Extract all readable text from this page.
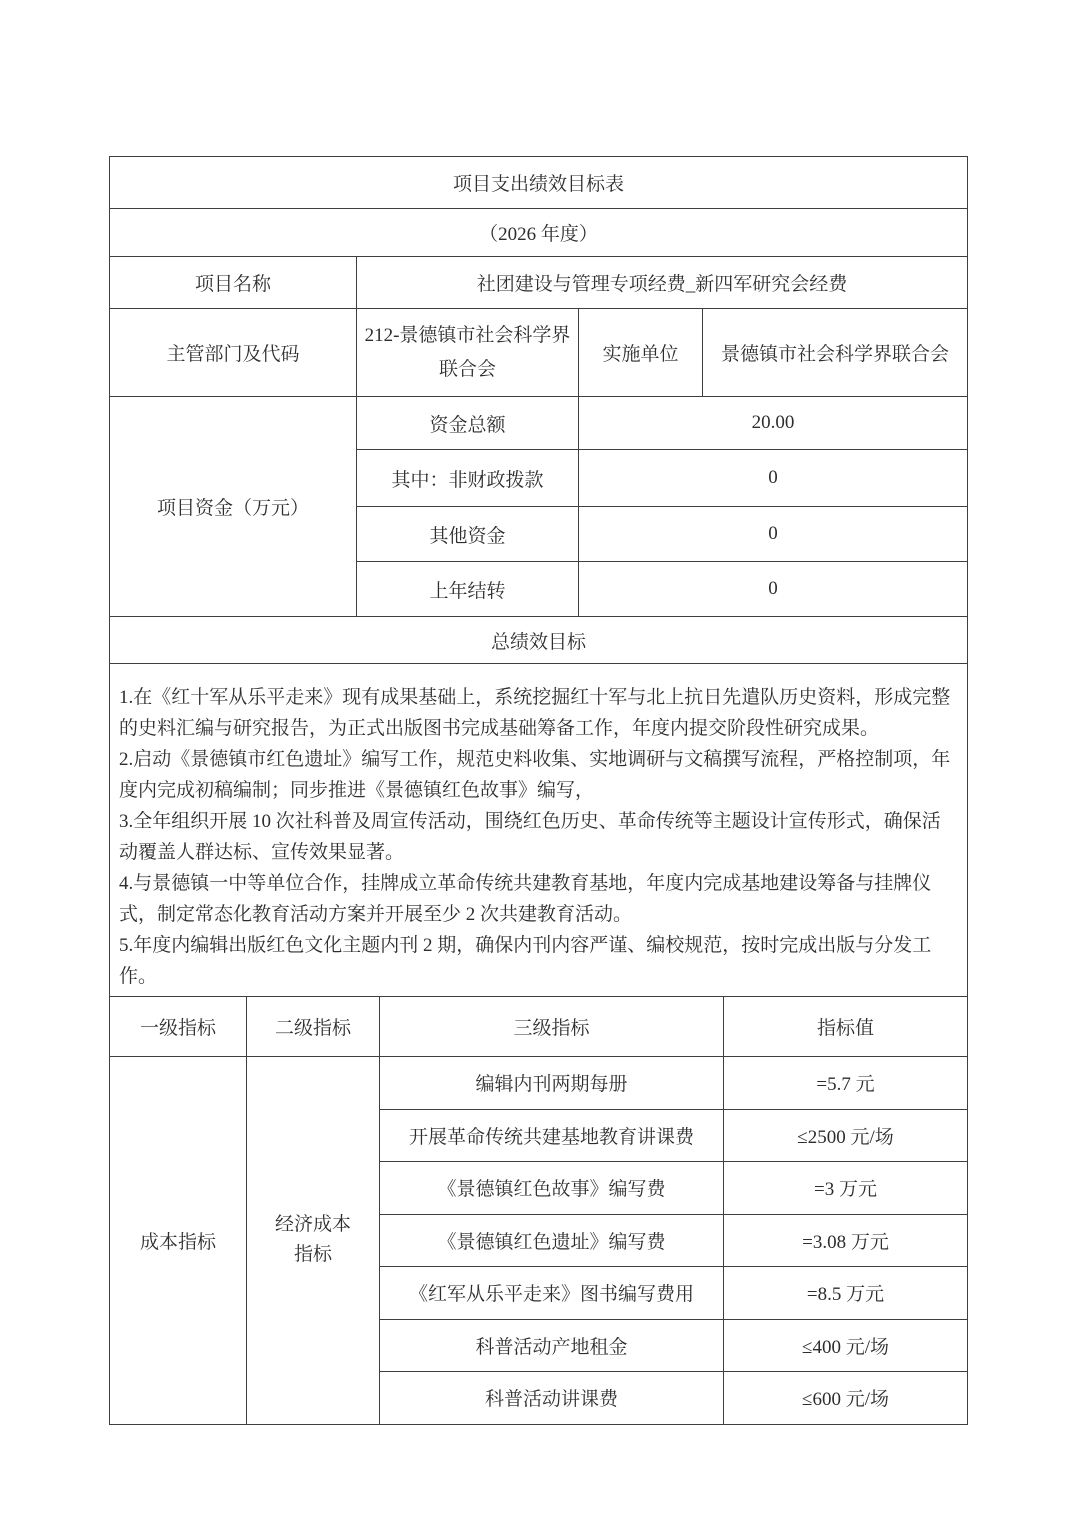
项目支出绩效目标表			
（2026 年度）			
项目名称	社团建设与管理专项经费_新四军研究会经费		
主管部门及代码	212-景德镇市社会科学界联合会	实施单位	景德镇市社会科学界联合会
项目资金（万元）	资金总额	20.00	
	其中：非财政拨款	0	
	其他资金	0	
	上年结转	0	
总绩效目标			

1.在《红十军从乐平走来》现有成果基础上，系统挖掘红十军与北上抗日先遣队历史资料，形成完整的史料汇编与研究报告，为正式出版图书完成基础筹备工作，年度内提交阶段性研究成果。

2.启动《景德镇市红色遗址》编写工作，规范史料收集、实地调研与文稿撰写流程，严格控制项，年度内完成初稿编制；同步推进《景德镇红色故事》编写，

3.全年组织开展 10 次社科普及周宣传活动，围绕红色历史、革命传统等主题设计宣传形式，确保活动覆盖人群达标、宣传效果显著。

4.与景德镇一中等单位合作，挂牌成立革命传统共建教育基地，年度内完成基地建设筹备与挂牌仪式，制定常态化教育活动方案并开展至少 2 次共建教育活动。

5.年度内编辑出版红色文化主题内刊 2 期，确保内刊内容严谨、编校规范，按时完成出版与分发工作。			

一级指标	二级指标	三级指标	指标值
成本指标	经济成本指标	编辑内刊两期每册	=5.7 元
		开展革命传统共建基地教育讲课费	≤2500 元/场
		《景德镇红色故事》编写费	=3 万元
		《景德镇红色遗址》编写费	=3.08 万元
		《红军从乐平走来》图书编写费用	=8.5 万元
		科普活动产地租金	≤400 元/场
		科普活动讲课费	≤600 元/场
